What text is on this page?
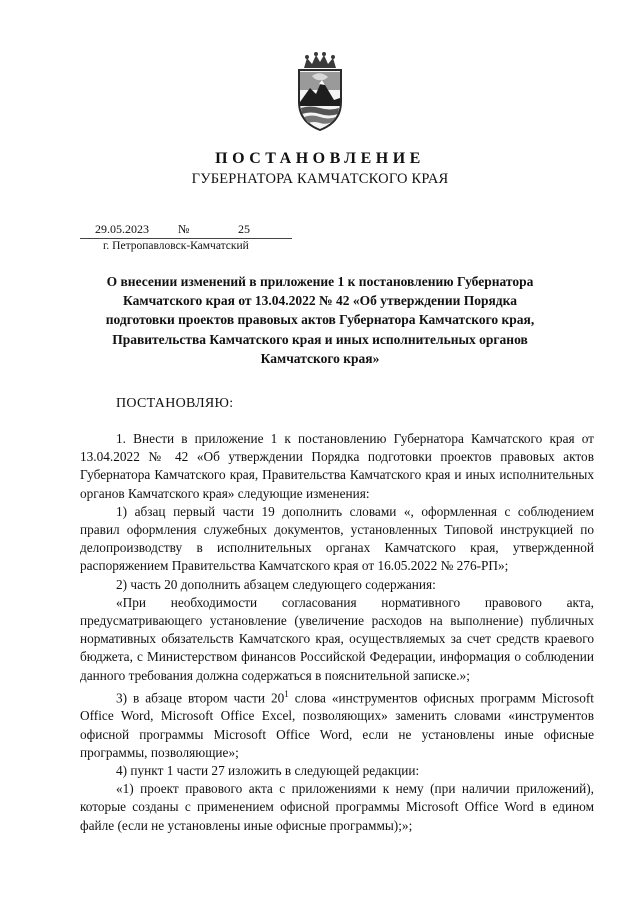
ПОСТАНОВЛЕНИЕ
ГУБЕРНАТОРА КАМЧАТСКОГО КРАЯ
29.05.2023 №	25
г. Петропавловск-Камчатский
О внесении изменений в приложение 1 к постановлению Губернатора Камчатского края от 13.04.2022 № 42 «Об утверждении Порядка подготовки проектов правовых актов Губернатора Камчатского края, Правительства Камчатского края и иных исполнительных органов Камчатского края»
ПОСТАНОВЛЯЮ:

1. Внести в приложение 1 к постановлению Губернатора Камчатского края от 13.04.2022 № 42 «Об утверждении Порядка подготовки проектов правовых актов Губернатора Камчатского края, Правительства Камчатского края и иных исполнительных органов Камчатского края» следующие изменения:

1) абзац первый части 19 дополнить словами «, оформленная с соблюдением правил оформления служебных документов, установленных Типовой инструкцией по делопроизводству в исполнительных органах Камчатского края, утвержденной распоряжением Правительства Камчатского края от 16.05.2022 № 276-РП»;

2) часть 20 дополнить абзацем следующего содержания:

«При необходимости согласования нормативного правового акта, предусматривающего установление (увеличение расходов на выполнение) публичных нормативных обязательств Камчатского края, осуществляемых за счет средств краевого бюджета, с Министерством финансов Российской Федерации, информация о соблюдении данного требования должна содержаться в пояснительной записке.»;

3) в абзаце втором части $20^1$ слова «инструментов офисных программ Microsoft Office Word, Microsoft Office Excel, позволяющих» заменить словами «инструментов офисной программы Microsoft Office Word, если не установлены иные офисные программы, позволяющие»;

4) пункт 1 части 27 изложить в следующей редакции:

«1) проект правового акта с приложениями к нему (при наличии приложений), которые созданы с применением офисной программы Microsoft Office Word в едином файле (если не установлены иные офисные программы);»;
